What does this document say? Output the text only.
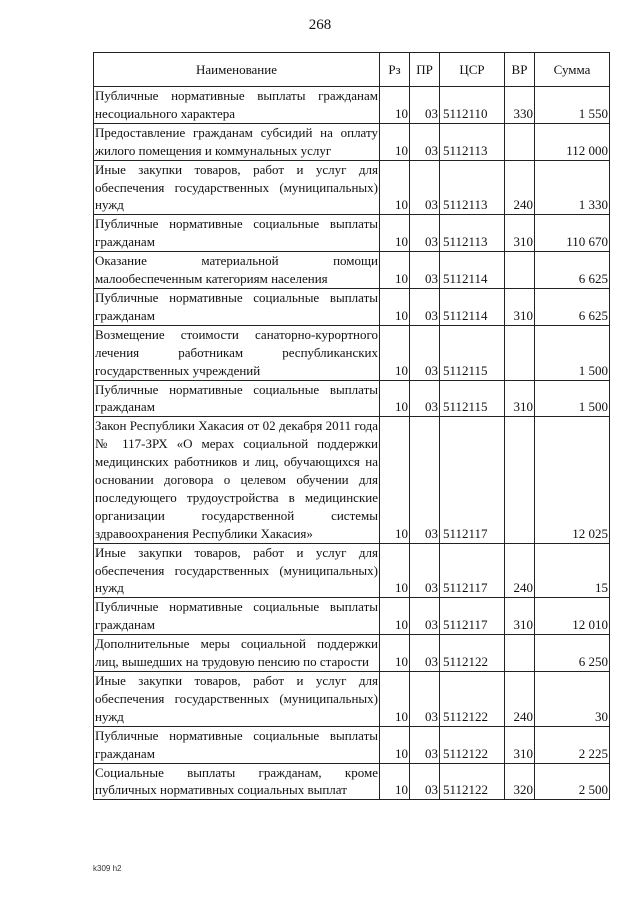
268
Наименование	Рз	ПР	ЦСР	ВР	Сумма
Публичные нормативные выплаты гражданам несоциального характера	10	03	5112110	330	1 550
Предоставление гражданам субсидий на оплату жилого помещения и коммунальных услуг	10	03	5112113		112 000
Иные закупки товаров, работ и услуг для обеспечения государственных (муниципальных) нужд	10	03	5112113	240	1 330
Публичные нормативные социальные выплаты гражданам	10	03	5112113	310	110 670
Оказание материальной помощи малообеспеченным категориям населения	10	03	5112114		6 625
Публичные нормативные социальные выплаты гражданам	10	03	5112114	310	6 625
Возмещение стоимости санаторно-курортного лечения работникам республиканских государственных учреждений	10	03	5112115		1 500
Публичные нормативные социальные выплаты гражданам	10	03	5112115	310	1 500
Закон Республики Хакасия от 02 декабря 2011 года № 117-ЗРХ «О мерах социальной поддержки медицинских работников и лиц, обучающихся на основании договора о целевом обучении для последующего трудоустройства в медицинские организации государственной системы здравоохранения Республики Хакасия»	10	03	5112117		12 025
Иные закупки товаров, работ и услуг для обеспечения государственных (муниципальных) нужд	10	03	5112117	240	15
Публичные нормативные социальные выплаты гражданам	10	03	5112117	310	12 010
Дополнительные меры социальной поддержки лиц, вышедших на трудовую пенсию по старости	10	03	5112122		6 250
Иные закупки товаров, работ и услуг для обеспечения государственных (муниципальных) нужд	10	03	5112122	240	30
Публичные нормативные социальные выплаты гражданам	10	03	5112122	310	2 225
Социальные выплаты гражданам, кроме публичных нормативных социальных выплат	10	03	5112122	320	2 500
k309 h2
